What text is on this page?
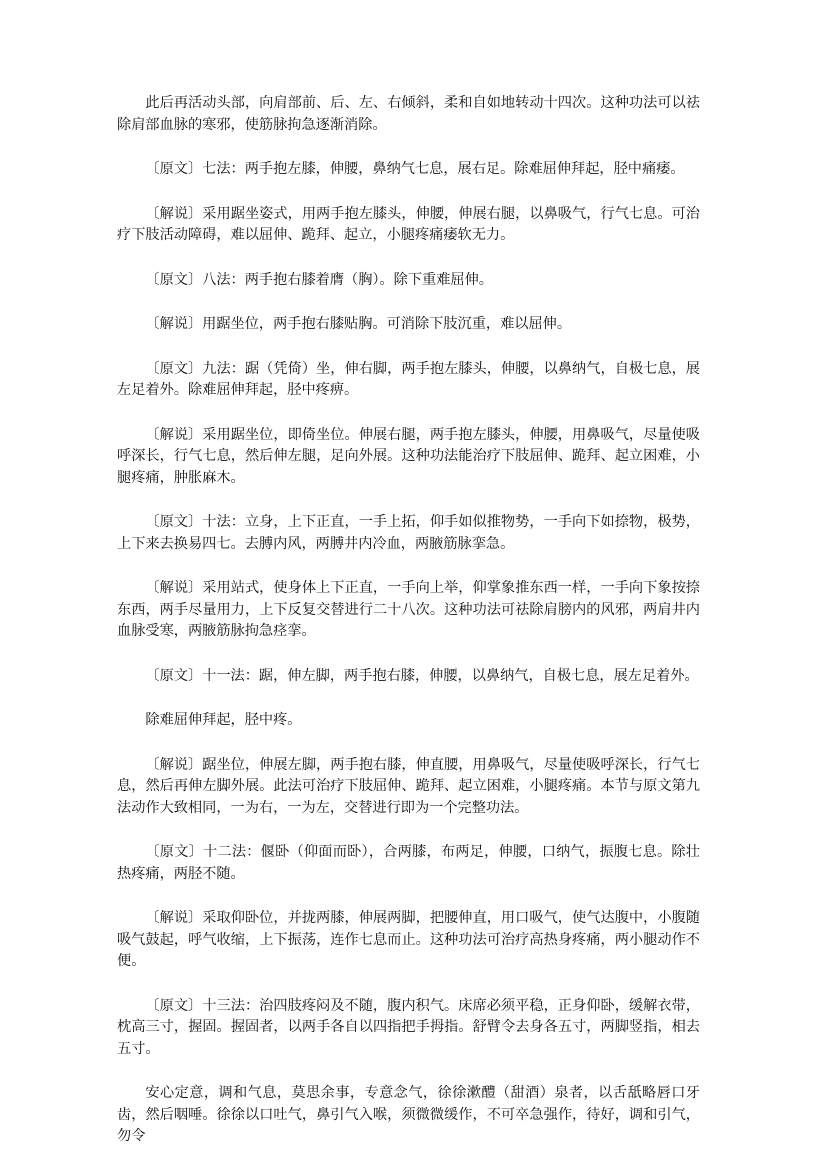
此后再活动头部，向肩部前、后、左、右倾斜，柔和自如地转动十四次。这种功法可以祛除肩部血脉的寒邪，使筋脉拘急逐渐消除。

〔原文〕七法：两手抱左膝，伸腰，鼻纳气七息，展右足。除难屈伸拜起，胫中痛痿。

〔解说〕采用踞坐姿式，用两手抱左膝头，伸腰，伸展右腿，以鼻吸气，行气七息。可治疗下肢活动障碍，难以屈伸、跪拜、起立，小腿疼痛痿软无力。

〔原文〕八法：两手抱右膝着膺（胸）。除下重难屈伸。

〔解说〕用踞坐位，两手抱右膝贴胸。可消除下肢沉重，难以屈伸。

〔原文〕九法：踞（凭倚）坐，伸右脚，两手抱左膝头，伸腰，以鼻纳气，自极七息，展左足着外。除难屈伸拜起，胫中疼痹。

〔解说〕采用踞坐位，即倚坐位。伸展右腿，两手抱左膝头，伸腰，用鼻吸气，尽量使吸呼深长，行气七息，然后伸左腿，足向外展。这种功法能治疗下肢屈伸、跪拜、起立困难，小腿疼痛，肿胀麻木。

〔原文〕十法：立身，上下正直，一手上拓，仰手如似推物势，一手向下如捺物，极势，上下来去换易四七。去膊内风，两膊井内冷血，两腋筋脉挛急。

〔解说〕采用站式，使身体上下正直，一手向上举，仰掌象推东西一样，一手向下象按捺东西，两手尽量用力，上下反复交替进行二十八次。这种功法可祛除肩膀内的风邪，两肩井内血脉受寒，两腋筋脉拘急痉挛。

〔原文〕十一法：踞，伸左脚，两手抱右膝，伸腰，以鼻纳气，自极七息，展左足着外。

除难屈伸拜起，胫中疼。

〔解说〕踞坐位，伸展左脚，两手抱右膝，伸直腰，用鼻吸气，尽量使吸呼深长，行气七息，然后再伸左脚外展。此法可治疗下肢屈伸、跪拜、起立困难，小腿疼痛。本节与原文第九法动作大致相同，一为右，一为左，交替进行即为一个完整功法。

〔原文〕十二法：偃卧（仰面而卧），合两膝，布两足，伸腰，口纳气，振腹七息。除壮热疼痛，两胫不随。

〔解说〕采取仰卧位，并拢两膝，伸展两脚，把腰伸直，用口吸气，使气达腹中，小腹随吸气鼓起，呼气收缩，上下振荡，连作七息而止。这种功法可治疗高热身疼痛，两小腿动作不便。

〔原文〕十三法：治四肢疼闷及不随，腹内积气。床席必须平稳，正身仰卧，缓解衣带，枕高三寸，握固。握固者，以两手各自以四指把手拇指。舒臂令去身各五寸，两脚竖指，相去五寸。

安心定意，调和气息，莫思余事，专意念气，徐徐漱醴（甜酒）泉者，以舌舐略唇口牙齿，然后咽唾。徐徐以口吐气，鼻引气入喉，须微微缓作，不可卒急强作，待好，调和引气，勿令
